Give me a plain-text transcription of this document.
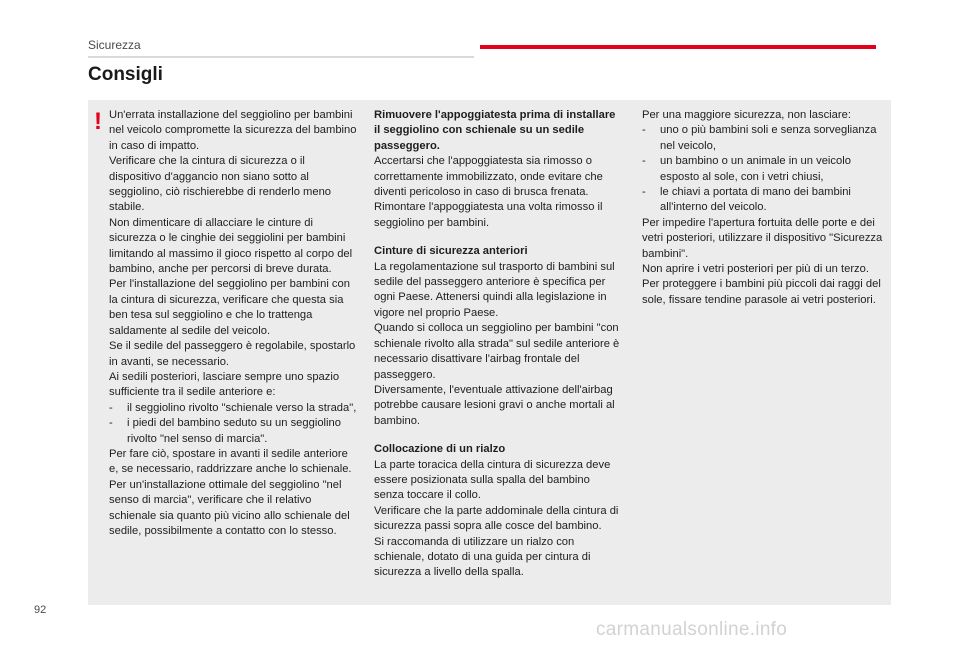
Sicurezza
Consigli
! Un'errata installazione del seggiolino per bambini nel veicolo compromette la sicurezza del bambino in caso di impatto.

Verificare che la cintura di sicurezza o il dispositivo d'aggancio non siano sotto al seggiolino, ciò rischierebbe di renderlo meno stabile.

Non dimenticare di allacciare le cinture di sicurezza o le cinghie dei seggiolini per bambini limitando al massimo il gioco rispetto al corpo del bambino, anche per percorsi di breve durata.

Per l'installazione del seggiolino per bambini con la cintura di sicurezza, verificare che questa sia ben tesa sul seggiolino e che lo trattenga saldamente al sedile del veicolo.

Se il sedile del passeggero è regolabile, spostarlo in avanti, se necessario.

Ai sedili posteriori, lasciare sempre uno spazio sufficiente tra il sedile anteriore e:

- il seggiolino rivolto "schienale verso la strada",
- i piedi del bambino seduto su un seggiolino rivolto "nel senso di marcia".

Per fare ciò, spostare in avanti il sedile anteriore e, se necessario, raddrizzare anche lo schienale.

Per un'installazione ottimale del seggiolino "nel senso di marcia", verificare che il relativo schienale sia quanto più vicino allo schienale del sedile, possibilmente a contatto con lo stesso.

Rimuovere l'appoggiatesta prima di installare il seggiolino con schienale su un sedile passeggero.

Accertarsi che l'appoggiatesta sia rimosso o correttamente immobilizzato, onde evitare che diventi pericoloso in caso di brusca frenata. Rimontare l'appoggiatesta una volta rimosso il seggiolino per bambini.

Cinture di sicurezza anteriori

La regolamentazione sul trasporto di bambini sul sedile del passeggero anteriore è specifica per ogni Paese. Attenersi quindi alla legislazione in vigore nel proprio Paese.

Quando si colloca un seggiolino per bambini "con schienale rivolto alla strada" sul sedile anteriore è necessario disattivare l'airbag frontale del passeggero.

Diversamente, l'eventuale attivazione dell'airbag potrebbe causare lesioni gravi o anche mortali al bambino.

Collocazione di un rialzo

La parte toracica della cintura di sicurezza deve essere posizionata sulla spalla del bambino senza toccare il collo.

Verificare che la parte addominale della cintura di sicurezza passi sopra alle cosce del bambino.

Si raccomanda di utilizzare un rialzo con schienale, dotato di una guida per cintura di sicurezza a livello della spalla.

Per una maggiore sicurezza, non lasciare:

- uno o più bambini soli e senza sorveglianza nel veicolo,
- un bambino o un animale in un veicolo esposto al sole, con i vetri chiusi,
- le chiavi a portata di mano dei bambini all'interno del veicolo.

Per impedire l'apertura fortuita delle porte e dei vetri posteriori, utilizzare il dispositivo "Sicurezza bambini".

Non aprire i vetri posteriori per più di un terzo.

Per proteggere i bambini più piccoli dai raggi del sole, fissare tendine parasole ai vetri posteriori.

92
carmanualsonline.info
